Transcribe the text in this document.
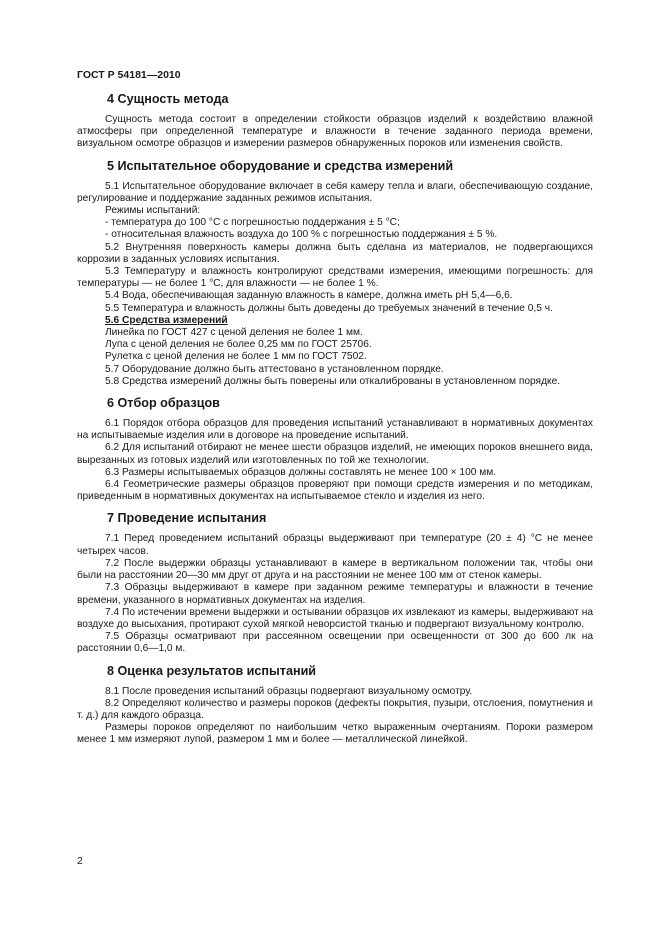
ГОСТ Р 54181—2010
4 Сущность метода

Сущность метода состоит в определении стойкости образцов изделий к воздействию влажной атмосферы при определенной температуре и влажности в течение заданного периода времени, визуальном осмотре образцов и измерении размеров обнаруженных пороков или изменения свойств.

5 Испытательное оборудование и средства измерений

5.1 Испытательное оборудование включает в себя камеру тепла и влаги, обеспечивающую создание, регулирование и поддержание заданных режимов испытания.

Режимы испытаний:

- температура до 100 °С с погрешностью поддержания ± 5 °С;

- относительная влажность воздуха до 100 % с погрешностью поддержания ± 5 %.

5.2 Внутренняя поверхность камеры должна быть сделана из материалов, не подвергающихся коррозии в заданных условиях испытания.

5.3 Температуру и влажность контролируют средствами измерения, имеющими погрешность: для температуры — не более 1 °С, для влажности — не более 1 %.

5.4 Вода, обеспечивающая заданную влажность в камере, должна иметь рН 5,4—6,6.

5.5 Температура и влажность должны быть доведены до требуемых значений в течение 0,5 ч.

5.6 Средства измерений

Линейка по ГОСТ 427 с ценой деления не более 1 мм.

Лупа с ценой деления не более 0,25 мм по ГОСТ 25706.

Рулетка с ценой деления не более 1 мм по ГОСТ 7502.

5.7 Оборудование должно быть аттестовано в установленном порядке.

5.8 Средства измерений должны быть поверены или откалиброваны в установленном порядке.

6 Отбор образцов

6.1 Порядок отбора образцов для проведения испытаний устанавливают в нормативных документах на испытываемые изделия или в договоре на проведение испытаний.

6.2 Для испытаний отбирают не менее шести образцов изделий, не имеющих пороков внешнего вида, вырезанных из готовых изделий или изготовленных по той же технологии.

6.3 Размеры испытываемых образцов должны составлять не менее 100 × 100 мм.

6.4 Геометрические размеры образцов проверяют при помощи средств измерения и по методикам, приведенным в нормативных документах на испытываемое стекло и изделия из него.

7 Проведение испытания

7.1 Перед проведением испытаний образцы выдерживают при температуре (20 ± 4) °С не менее четырех часов.

7.2 После выдержки образцы устанавливают в камере в вертикальном положении так, чтобы они были на расстоянии 20—30 мм друг от друга и на расстоянии не менее 100 мм от стенок камеры.

7.3 Образцы выдерживают в камере при заданном режиме температуры и влажности в течение времени, указанного в нормативных документах на изделия.

7.4 По истечении времени выдержки и остывании образцов их извлекают из камеры, выдерживают на воздухе до высыхания, протирают сухой мягкой неворсистой тканью и подвергают визуальному контролю.

7.5 Образцы осматривают при рассеянном освещении при освещенности от 300 до 600 лк на расстоянии 0,6—1,0 м.

8 Оценка результатов испытаний

8.1 После проведения испытаний образцы подвергают визуальному осмотру.

8.2 Определяют количество и размеры пороков (дефекты покрытия, пузыри, отслоения, помутнения и т. д.) для каждого образца.

Размеры пороков определяют по наибольшим четко выраженным очертаниям. Пороки размером менее 1 мм измеряют лупой, размером 1 мм и более — металлической линейкой.

2
